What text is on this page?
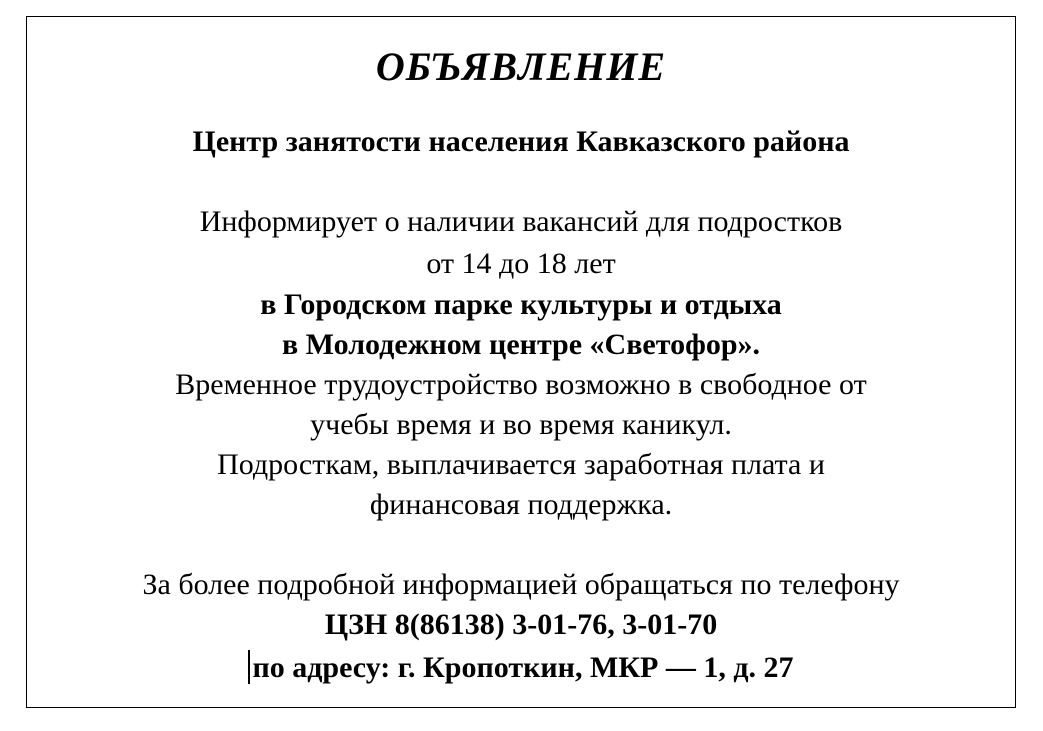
ОБЪЯВЛЕНИЕ
Центр занятости населения Кавказского района
Информирует о наличии вакансий для подростков
от 14 до 18 лет
в Городском парке культуры и отдыха
в Молодежном центре «Светофор».
Временное трудоустройство возможно в свободное от
учебы время и во время каникул.
Подросткам, выплачивается заработная плата и
финансовая поддержка.
За более подробной информацией обращаться по телефону
ЦЗН 8(86138) 3-01-76, 3-01-70
по адресу: г. Кропоткин, МКР — 1, д. 27
